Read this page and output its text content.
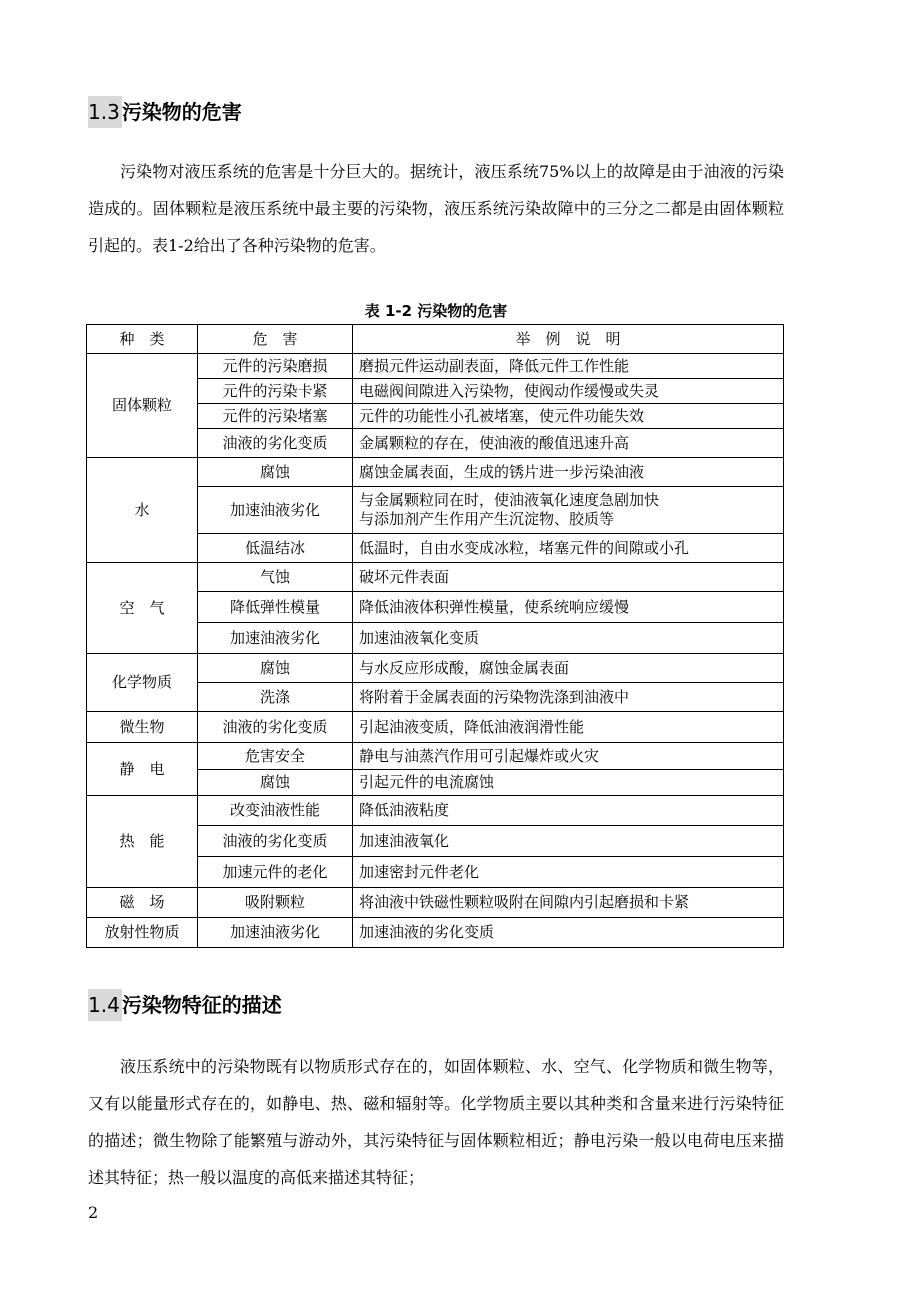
1.3 污染物的危害
污染物对液压系统的危害是十分巨大的。据统计，液压系统75%以上的故障是由于油液的污染造成的。固体颗粒是液压系统中最主要的污染物，液压系统污染故障中的三分之二都是由固体颗粒引起的。表1-2给出了各种污染物的危害。
表 1-2 污染物的危害
种　类	危　害	举　例　说　明
固体颗粒	元件的污染磨损	磨损元件运动副表面，降低元件工作性能
	元件的污染卡紧	电磁阀间隙进入污染物，使阀动作缓慢或失灵
	元件的污染堵塞	元件的功能性小孔被堵塞，使元件功能失效
	油液的劣化变质	金属颗粒的存在，使油液的酸值迅速升高
水	腐蚀	腐蚀金属表面，生成的锈片进一步污染油液
	加速油液劣化	与金属颗粒同在时，使油液氧化速度急剧加快
与添加剂产生作用产生沉淀物、胶质等

	低温结冰	低温时，自由水变成冰粒，堵塞元件的间隙或小孔
空　气	气蚀	破坏元件表面
	降低弹性模量	降低油液体积弹性模量，使系统响应缓慢
	加速油液劣化	加速油液氧化变质
化学物质	腐蚀	与水反应形成酸，腐蚀金属表面
	洗涤	将附着于金属表面的污染物洗涤到油液中
微生物	油液的劣化变质	引起油液变质，降低油液润滑性能
静　电	危害安全	静电与油蒸汽作用可引起爆炸或火灾
	腐蚀	引起元件的电流腐蚀
热　能	改变油液性能	降低油液粘度
	油液的劣化变质	加速油液氧化
	加速元件的老化	加速密封元件老化
磁　场	吸附颗粒	将油液中铁磁性颗粒吸附在间隙内引起磨损和卡紧
放射性物质	加速油液劣化	加速油液的劣化变质
1.4 污染物特征的描述
液压系统中的污染物既有以物质形式存在的，如固体颗粒、水、空气、化学物质和微生物等，又有以能量形式存在的，如静电、热、磁和辐射等。化学物质主要以其种类和含量来进行污染特征的描述；微生物除了能繁殖与游动外，其污染特征与固体颗粒相近；静电污染一般以电荷电压来描述其特征；热一般以温度的高低来描述其特征；
2
